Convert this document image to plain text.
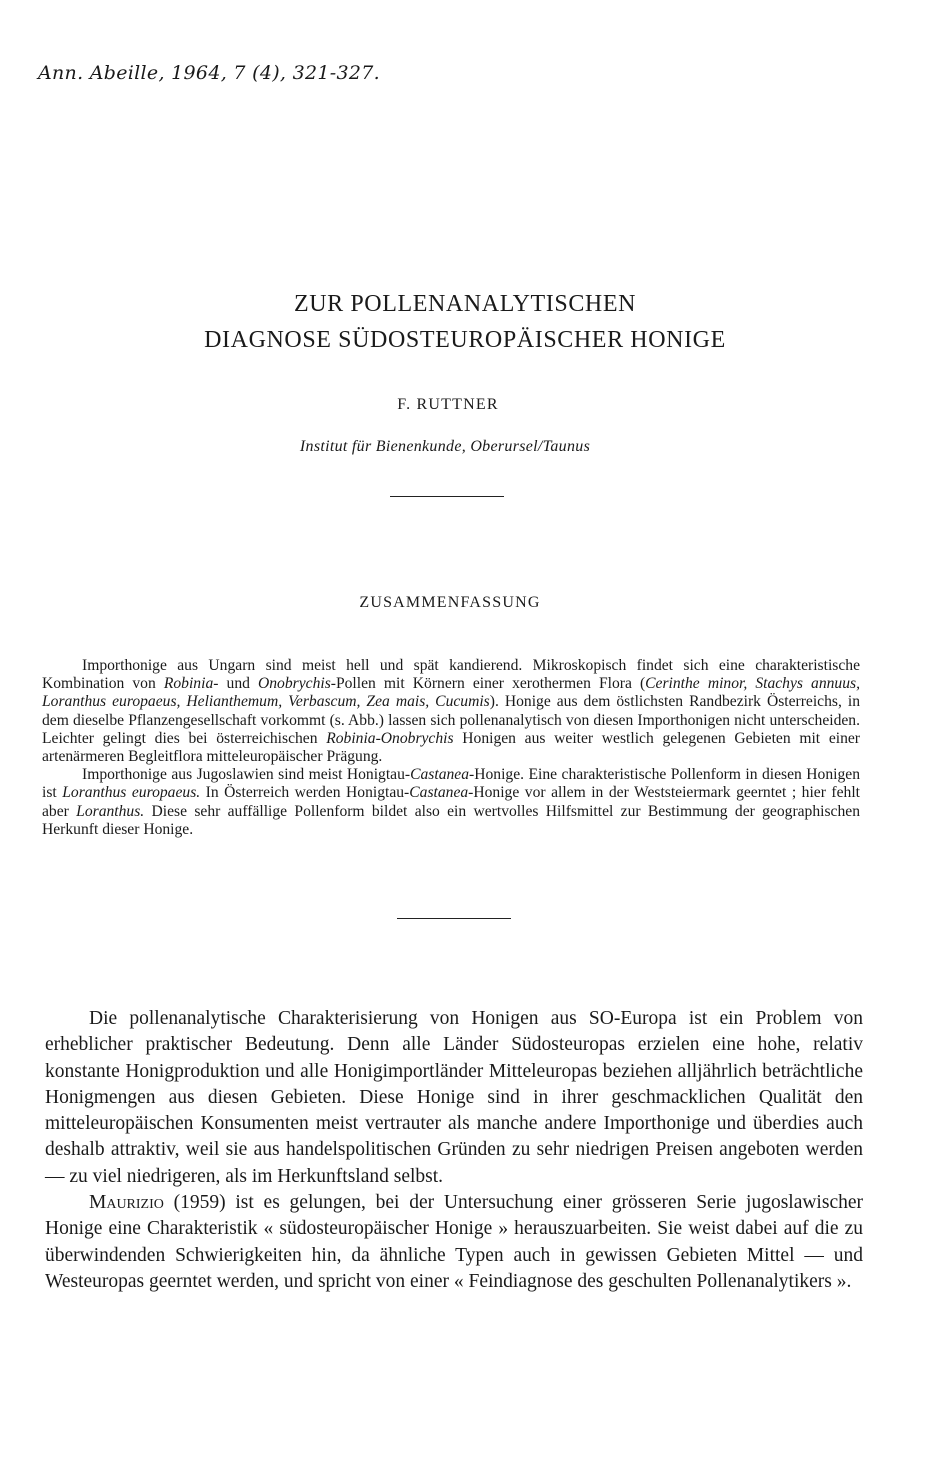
Ann. Abeille, 1964, 7 (4), 321-327.
ZUR POLLENANALYTISCHEN
DIAGNOSE SÜDOSTEUROPÄISCHER HONIGE
F. RUTTNER
Institut für Bienenkunde, Oberursel/Taunus
ZUSAMMENFASSUNG

Importhonige aus Ungarn sind meist hell und spät kandierend. Mikroskopisch findet sich eine charakteristische Kombination von Robinia- und Onobrychis-Pollen mit Körnern einer xerothermen Flora (Cerinthe minor, Stachys annuus, Loranthus europaeus, Helianthemum, Verbascum, Zea mais, Cucumis). Honige aus dem östlichsten Randbezirk Österreichs, in dem dieselbe Pflanzengesellschaft vorkommt (s. Abb.) lassen sich pollenanalytisch von diesen Importhonigen nicht unterscheiden. Leichter gelingt dies bei österreichischen Robinia-Onobrychis Honigen aus weiter westlich gelegenen Gebieten mit einer artenärmeren Begleitflora mitteleuropäischer Prägung.

Importhonige aus Jugoslawien sind meist Honigtau-Castanea-Honige. Eine charakteristische Pollenform in diesen Honigen ist Loranthus europaeus. In Österreich werden Honigtau-Castanea-Honige vor allem in der Weststeiermark geerntet ; hier fehlt aber Loranthus. Diese sehr auffällige Pollenform bildet also ein wertvolles Hilfsmittel zur Bestimmung der geographischen Herkunft dieser Honige.

Die pollenanalytische Charakterisierung von Honigen aus SO-Europa ist ein Problem von erheblicher praktischer Bedeutung. Denn alle Länder Südosteuropas erzielen eine hohe, relativ konstante Honigproduktion und alle Honigimportländer Mitteleuropas beziehen alljährlich beträchtliche Honigmengen aus diesen Gebieten. Diese Honige sind in ihrer geschmacklichen Qualität den mitteleuropäischen Konsumenten meist vertrauter als manche andere Importhonige und überdies auch deshalb attraktiv, weil sie aus handelspolitischen Gründen zu sehr niedrigen Preisen angeboten werden — zu viel niedrigeren, als im Herkunftsland selbst.

Maurizio (1959) ist es gelungen, bei der Untersuchung einer grösseren Serie jugoslawischer Honige eine Charakteristik « südosteuropäischer Honige » herauszuarbeiten. Sie weist dabei auf die zu überwindenden Schwierigkeiten hin, da ähnliche Typen auch in gewissen Gebieten Mittel — und Westeuropas geerntet werden, und spricht von einer « Feindiagnose des geschulten Pollenanalytikers ».
